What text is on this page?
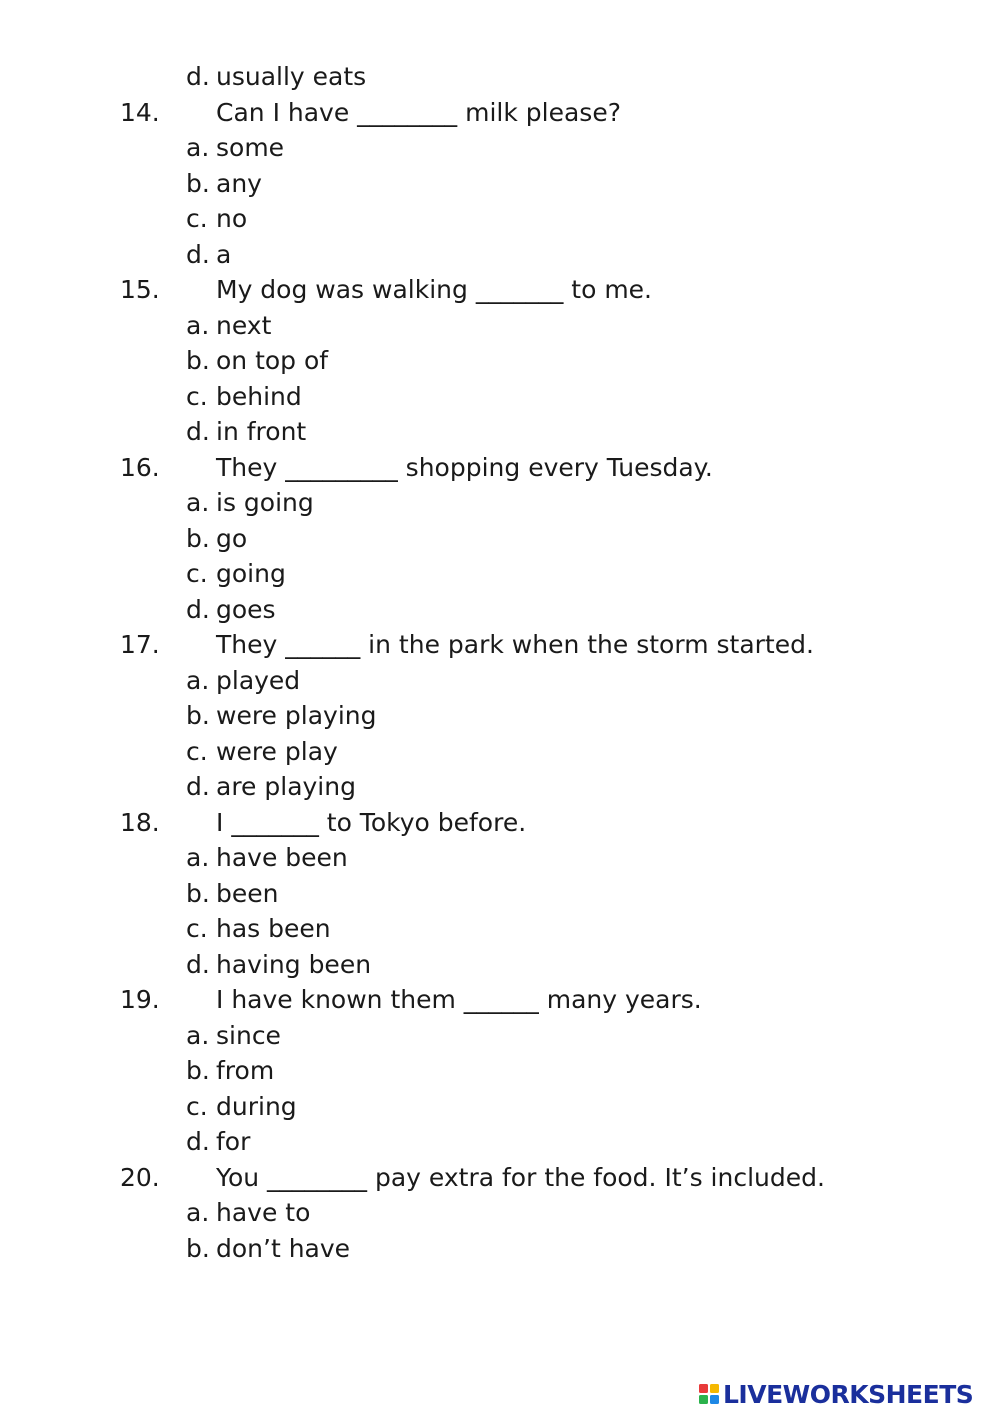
d. usually eats
14. Can I have ________ milk please?
a. some
b. any
c. no
d. a
15. My dog was walking _______ to me.
a. next
b. on top of
c. behind
d. in front
16. They _________ shopping every Tuesday.
a. is going
b. go
c. going
d. goes
17. They ______ in the park when the storm started.
a. played
b. were playing
c. were play
d. are playing
18. I _______ to Tokyo before.
a. have been
b. been
c. has been
d. having been
19. I have known them ______ many years.
a. since
b. from
c. during
d. for
20. You ________ pay extra for the food. It’s included.
a. have to
b. don’t have
LIVEWORKSHEETS
